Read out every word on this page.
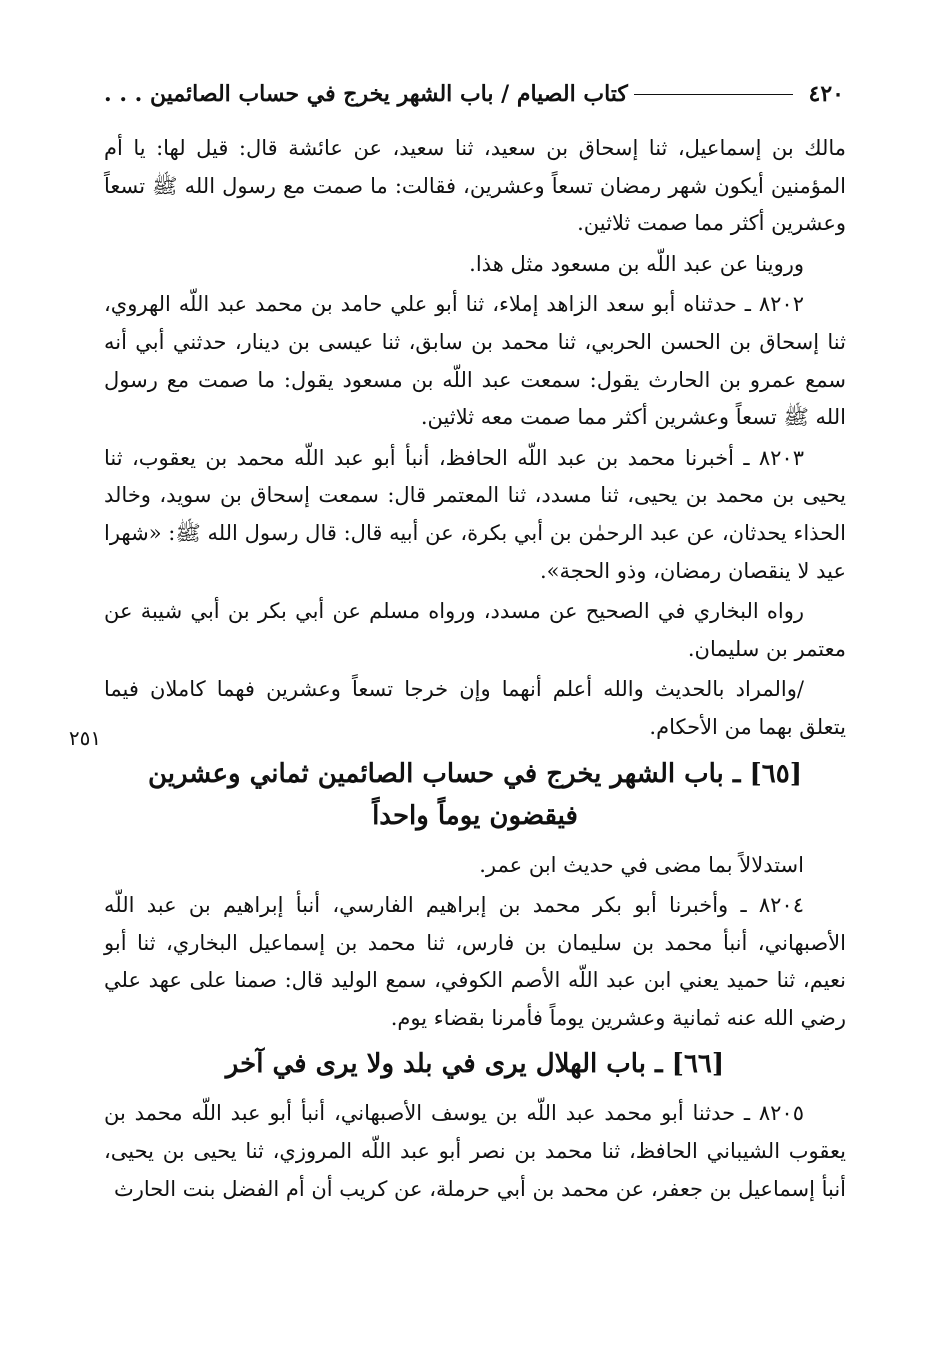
٤٢٠
كتاب الصيام / باب الشهر يخرج في حساب الصائمين . . .
٢٥١

مالك بن إسماعيل، ثنا إسحاق بن سعيد، ثنا سعيد، عن عائشة قال: قيل لها: يا أم المؤمنين أيكون شهر رمضان تسعاً وعشرين، فقالت: ما صمت مع رسول الله ﷺ تسعاً وعشرين أكثر مما صمت ثلاثين.

وروينا عن عبد اللّه بن مسعود مثل هذا.

٨٢٠٢ ـ حدثناه أبو سعد الزاهد إملاء، ثنا أبو علي حامد بن محمد عبد اللّه الهروي، ثنا إسحاق بن الحسن الحربي، ثنا محمد بن سابق، ثنا عيسى بن دينار، حدثني أبي أنه سمع عمرو بن الحارث يقول: سمعت عبد اللّه بن مسعود يقول: ما صمت مع رسول الله ﷺ تسعاً وعشرين أكثر مما صمت معه ثلاثين.

٨٢٠٣ ـ أخبرنا محمد بن عبد اللّه الحافظ، أنبأ أبو عبد اللّه محمد بن يعقوب، ثنا يحيى بن محمد بن يحيى، ثنا مسدد، ثنا المعتمر قال: سمعت إسحاق بن سويد، وخالد الحذاء يحدثان، عن عبد الرحمٰن بن أبي بكرة، عن أبيه قال: قال رسول الله ﷺ: «شهرا عيد لا ينقصان رمضان، وذو الحجة».

رواه البخاري في الصحيح عن مسدد، ورواه مسلم عن أبي بكر بن أبي شيبة عن معتمر بن سليمان.

/والمراد بالحديث والله أعلم أنهما وإن خرجا تسعاً وعشرين فهما كاملان فيما يتعلق بهما من الأحكام.

[٦٥] ـ باب الشهر يخرج في حساب الصائمين ثماني وعشرين فيقضون يوماً واحداً

استدلالاً بما مضى في حديث ابن عمر.

٨٢٠٤ ـ وأخبرنا أبو بكر محمد بن إبراهيم الفارسي، أنبأ إبراهيم بن عبد اللّه الأصبهاني، أنبأ محمد بن سليمان بن فارس، ثنا محمد بن إسماعيل البخاري، ثنا أبو نعيم، ثنا حميد يعني ابن عبد اللّه الأصم الكوفي، سمع الوليد قال: صمنا على عهد علي رضي الله عنه ثمانية وعشرين يوماً فأمرنا بقضاء يوم.

[٦٦] ـ باب الهلال يرى في بلد ولا يرى في آخر

٨٢٠٥ ـ حدثنا أبو محمد عبد اللّه بن يوسف الأصبهاني، أنبأ أبو عبد اللّه محمد بن يعقوب الشيباني الحافظ، ثنا محمد بن نصر أبو عبد اللّه المروزي، ثنا يحيى بن يحيى، أنبأ إسماعيل بن جعفر، عن محمد بن أبي حرملة، عن كريب أن أم الفضل بنت الحارث
